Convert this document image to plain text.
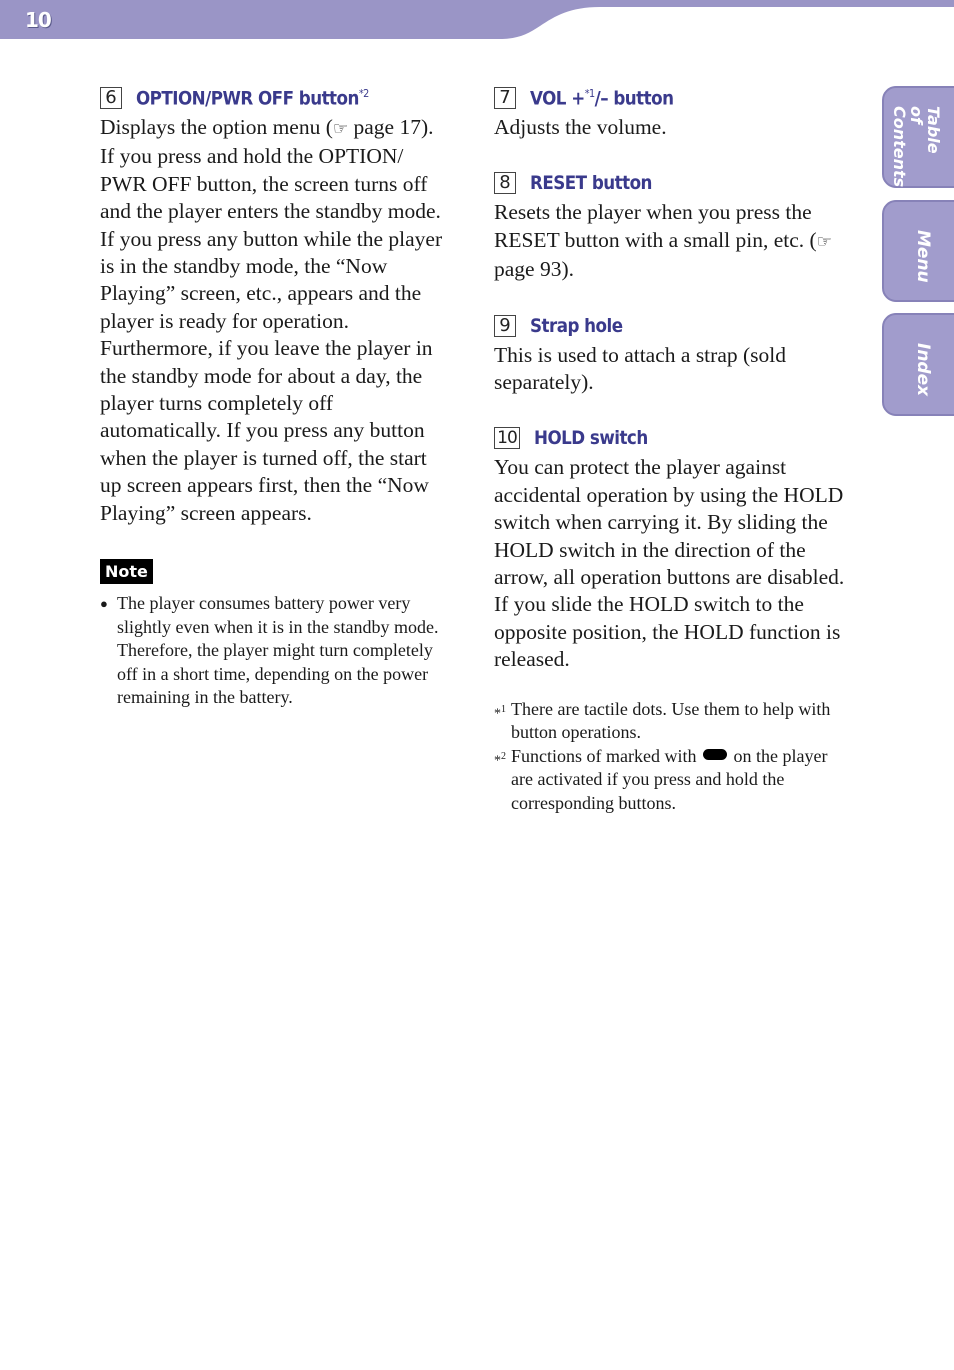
10
Table of Contents
Menu
Index
6 OPTION/PWR OFF button$^{*2}$

Displays the option menu (☞ page 17).

If you press and hold the OPTION/ PWR OFF button, the screen turns off and the player enters the standby mode. If you press any button while the player is in the standby mode, the “Now Playing” screen, etc., appears and the player is ready for operation. Furthermore, if you leave the player in the standby mode for about a day, the player turns completely off automatically. If you press any button when the player is turned off, the start up screen appears first, then the “Now Playing” screen appears.

Note
● The player consumes battery power very slightly even when it is in the standby mode. Therefore, the player might turn completely off in a short time, depending on the power remaining in the battery.
7 VOL +$^{*1}$/– button

Adjusts the volume.

8 RESET button

Resets the player when you press the RESET button with a small pin, etc. (☞ page 93).

9 Strap hole

This is used to attach a strap (sold separately).

10 HOLD switch

You can protect the player against accidental operation by using the HOLD switch when carrying it. By sliding the HOLD switch in the direction of the arrow, all operation buttons are disabled. If you slide the HOLD switch to the opposite position, the HOLD function is released.

*$^1$ There are tactile dots. Use them to help with button operations.
*$^2$ Functions of marked with  on the player are activated if you press and hold the corresponding buttons.
